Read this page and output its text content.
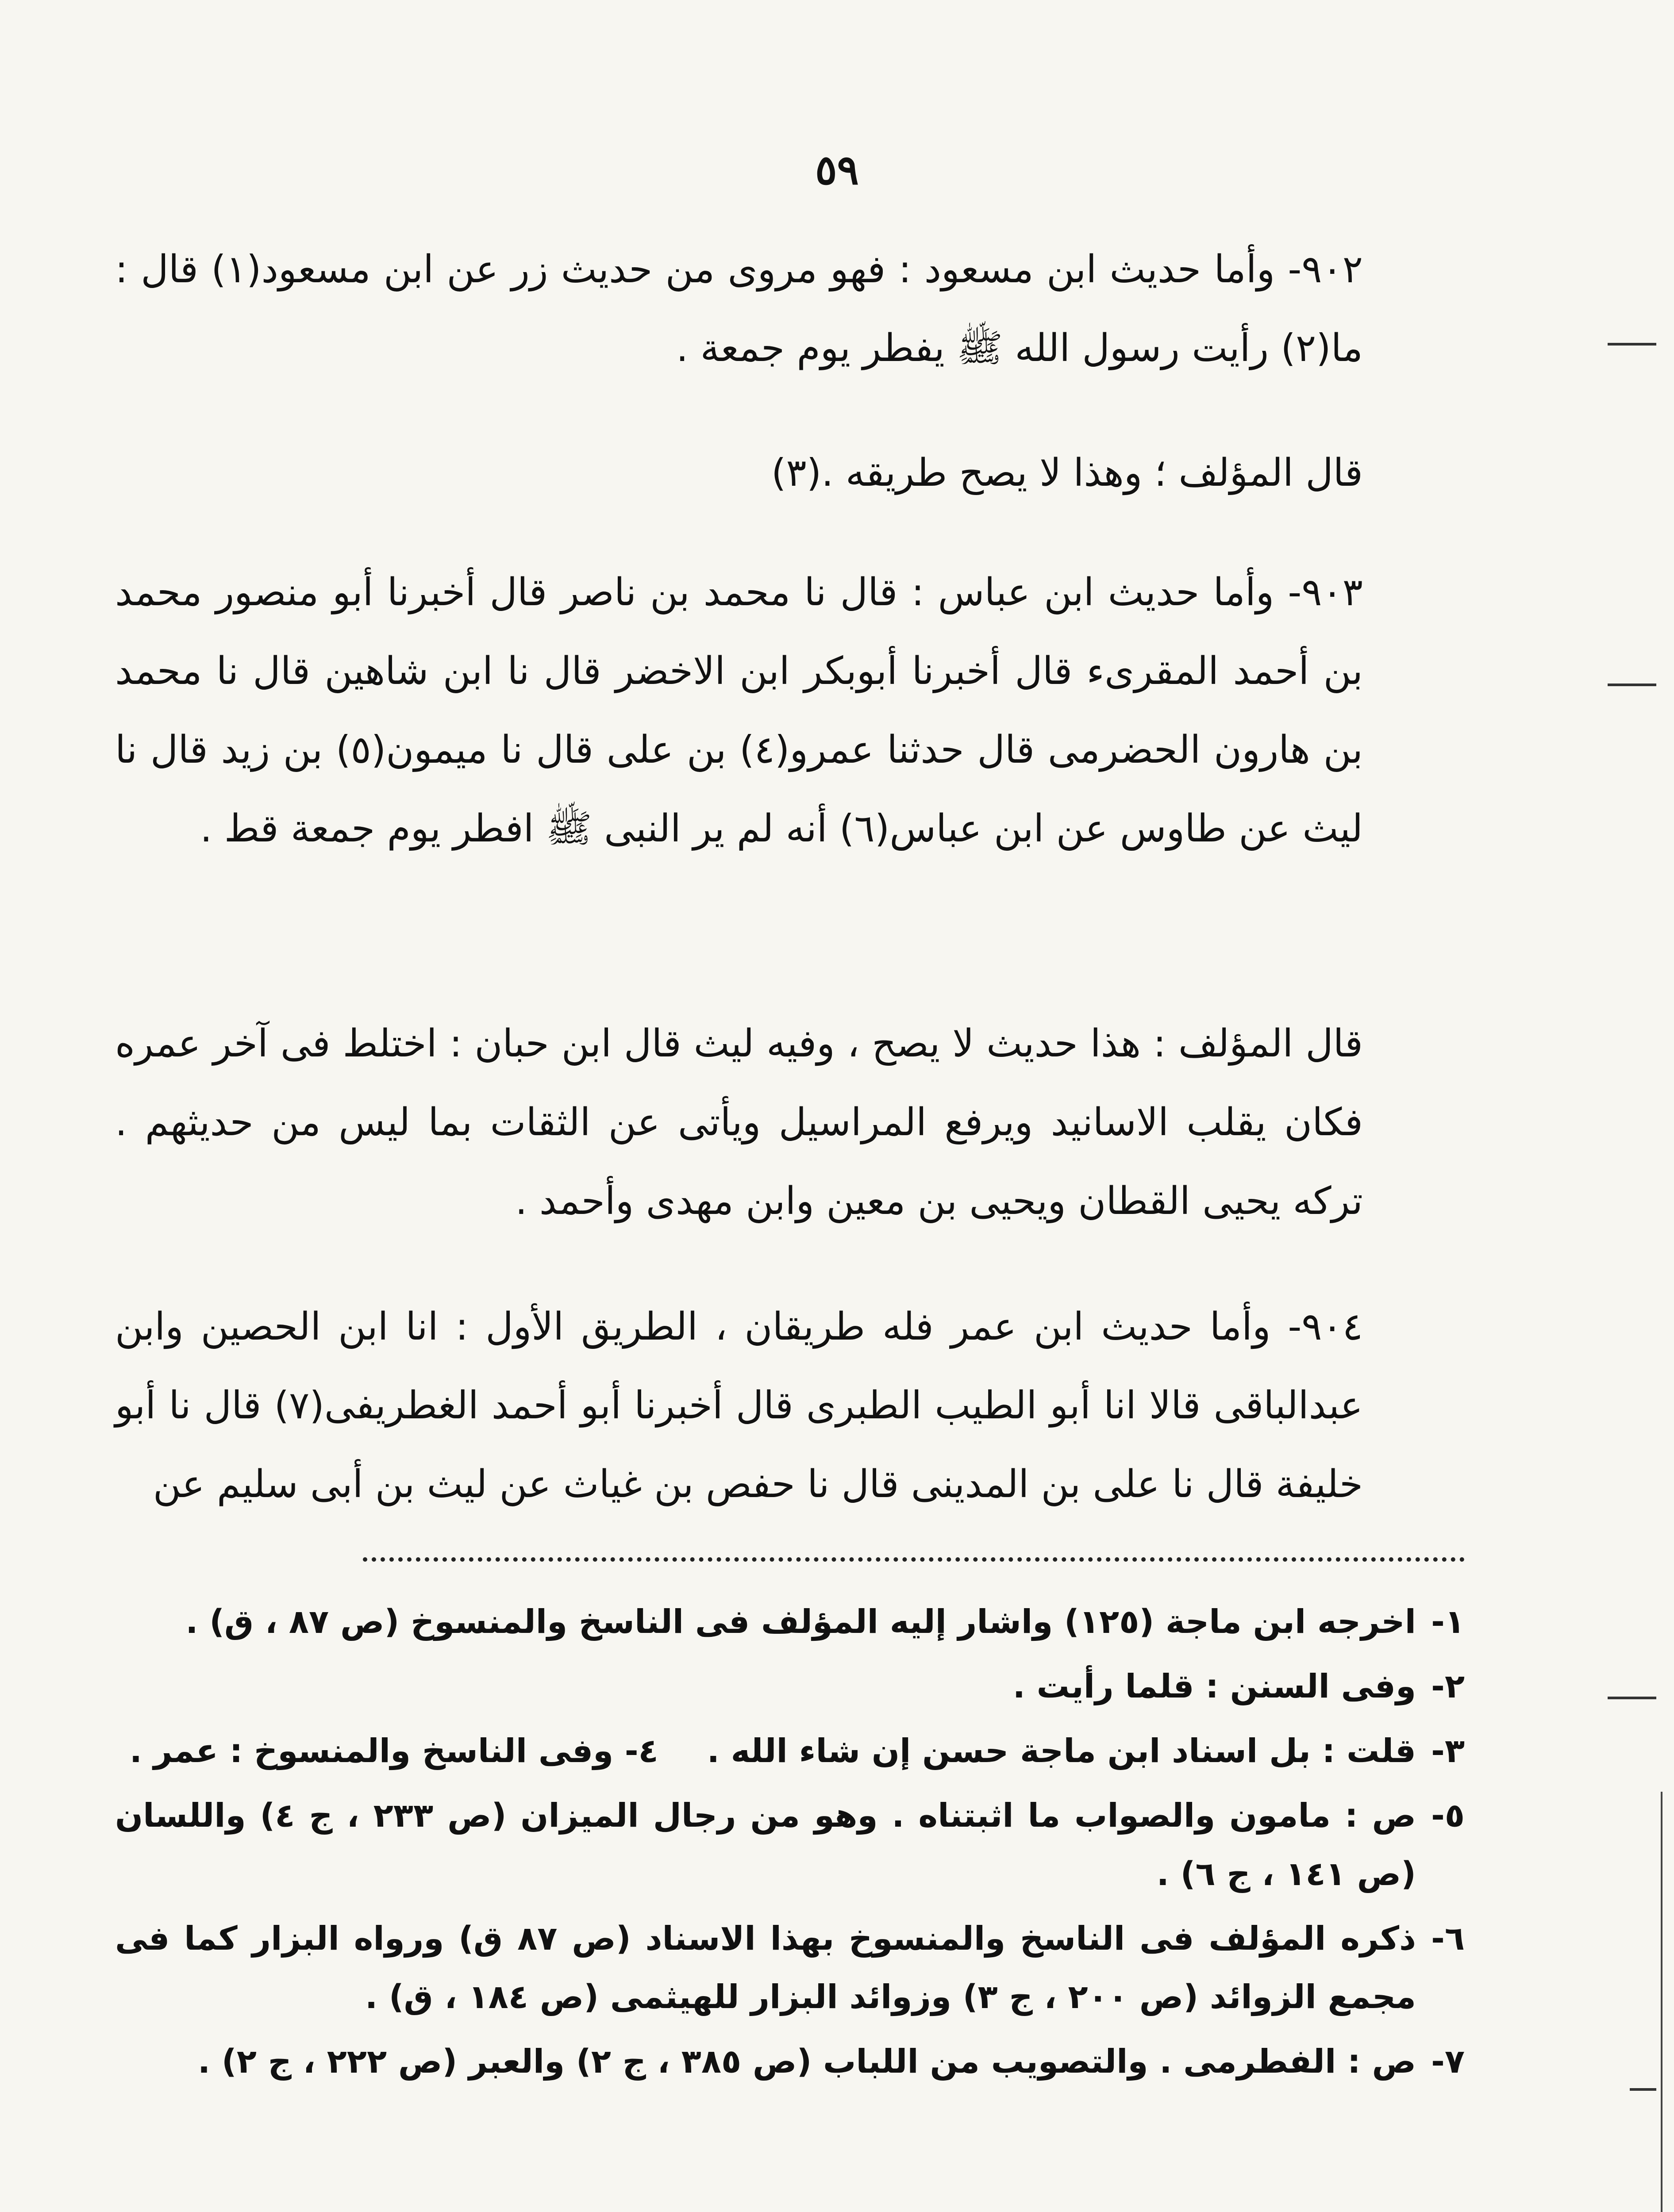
٥٩

٩٠٢- وأما حديث ابن مسعود : فهو مروى من حديث زر عن ابن مسعود(١) قال : ما(٢) رأيت رسول الله ﷺ يفطر يوم جمعة .

قال المؤلف ؛ وهذا لا يصح طريقه .(٣)

٩٠٣- وأما حديث ابن عباس : قال نا محمد بن ناصر قال أخبرنا أبو منصور محمد بن أحمد المقرىء قال أخبرنا أبوبكر ابن الاخضر قال نا ابن شاهين قال نا محمد بن هارون الحضرمى قال حدثنا عمرو(٤) بن على قال نا ميمون(٥) بن زيد قال نا ليث عن طاوس عن ابن عباس(٦) أنه لم ير النبى ﷺ افطر يوم جمعة قط .

قال المؤلف : هذا حديث لا يصح ، وفيه ليث قال ابن حبان : اختلط فى آخر عمره فكان يقلب الاسانيد ويرفع المراسيل ويأتى عن الثقات بما ليس من حديثهم . تركه يحيى القطان ويحيى بن معين وابن مهدى وأحمد .

٩٠٤- وأما حديث ابن عمر فله طريقان ، الطريق الأول : انا ابن الحصين وابن عبدالباقى قالا انا أبو الطيب الطبرى قال أخبرنا أبو أحمد الغطريفى(٧) قال نا أبو خليفة قال نا على بن المدينى قال نا حفص بن غياث عن ليث بن أبى سليم عن

١-
اخرجه ابن ماجة (١٢٥) واشار إليه المؤلف فى الناسخ والمنسوخ (ص ٨٧ ، ق) .
٢-
وفى السنن : قلما رأيت .
٣-
قلت : بل اسناد ابن ماجة حسن إن شاء الله .٤- وفى الناسخ والمنسوخ : عمر .
٥-
ص : مامون والصواب ما اثبتناه . وهو من رجال الميزان (ص ٢٣٣ ، ج ٤) واللسان (ص ١٤١ ، ج ٦) .
٦-
ذكره المؤلف فى الناسخ والمنسوخ بهذا الاسناد (ص ٨٧ ق) ورواه البزار كما فى مجمع الزوائد (ص ٢٠٠ ، ج ٣) وزوائد البزار للهيثمى (ص ١٨٤ ، ق) .
٧-
ص : الفطرمى . والتصويب من اللباب (ص ٣٨٥ ، ج ٢) والعبر (ص ٢٢٢ ، ج ٢) .
